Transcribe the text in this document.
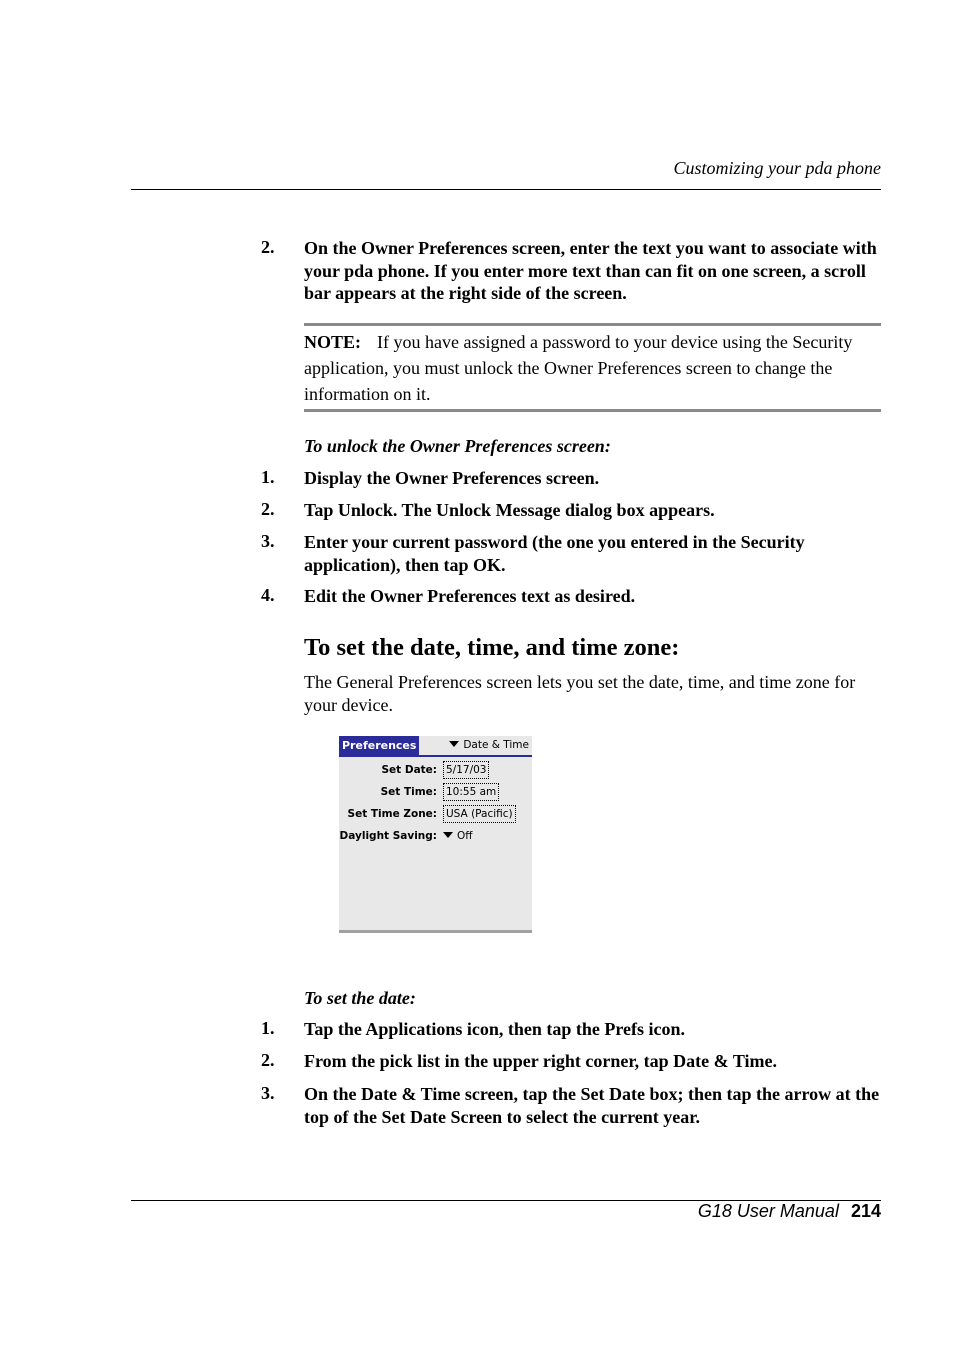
Customizing your pda phone
2. On the Owner Preferences screen, enter the text you want to associate with your pda phone. If you enter more text than can fit on one screen, a scroll bar appears at the right side of the screen.
NOTE: If you have assigned a password to your device using the Security application, you must unlock the Owner Preferences screen to change the information on it.
To unlock the Owner Preferences screen:
1. Display the Owner Preferences screen.
2. Tap Unlock. The Unlock Message dialog box appears.
3. Enter your current password (the one you entered in the Security application), then tap OK.
4. Edit the Owner Preferences text as desired.
To set the date, time, and time zone:
The General Preferences screen lets you set the date, time, and time zone for your device.
Preferences	Date & Time
Set Date: 5/17/03
Set Time: 10:55 am
Set Time Zone: USA (Pacific)
Daylight Saving:	Off
To set the date:
1. Tap the Applications icon, then tap the Prefs icon.
2. From the pick list in the upper right corner, tap Date & Time.
3. On the Date & Time screen, tap the Set Date box; then tap the arrow at the top of the Set Date Screen to select the current year.
G18 User Manual 214
